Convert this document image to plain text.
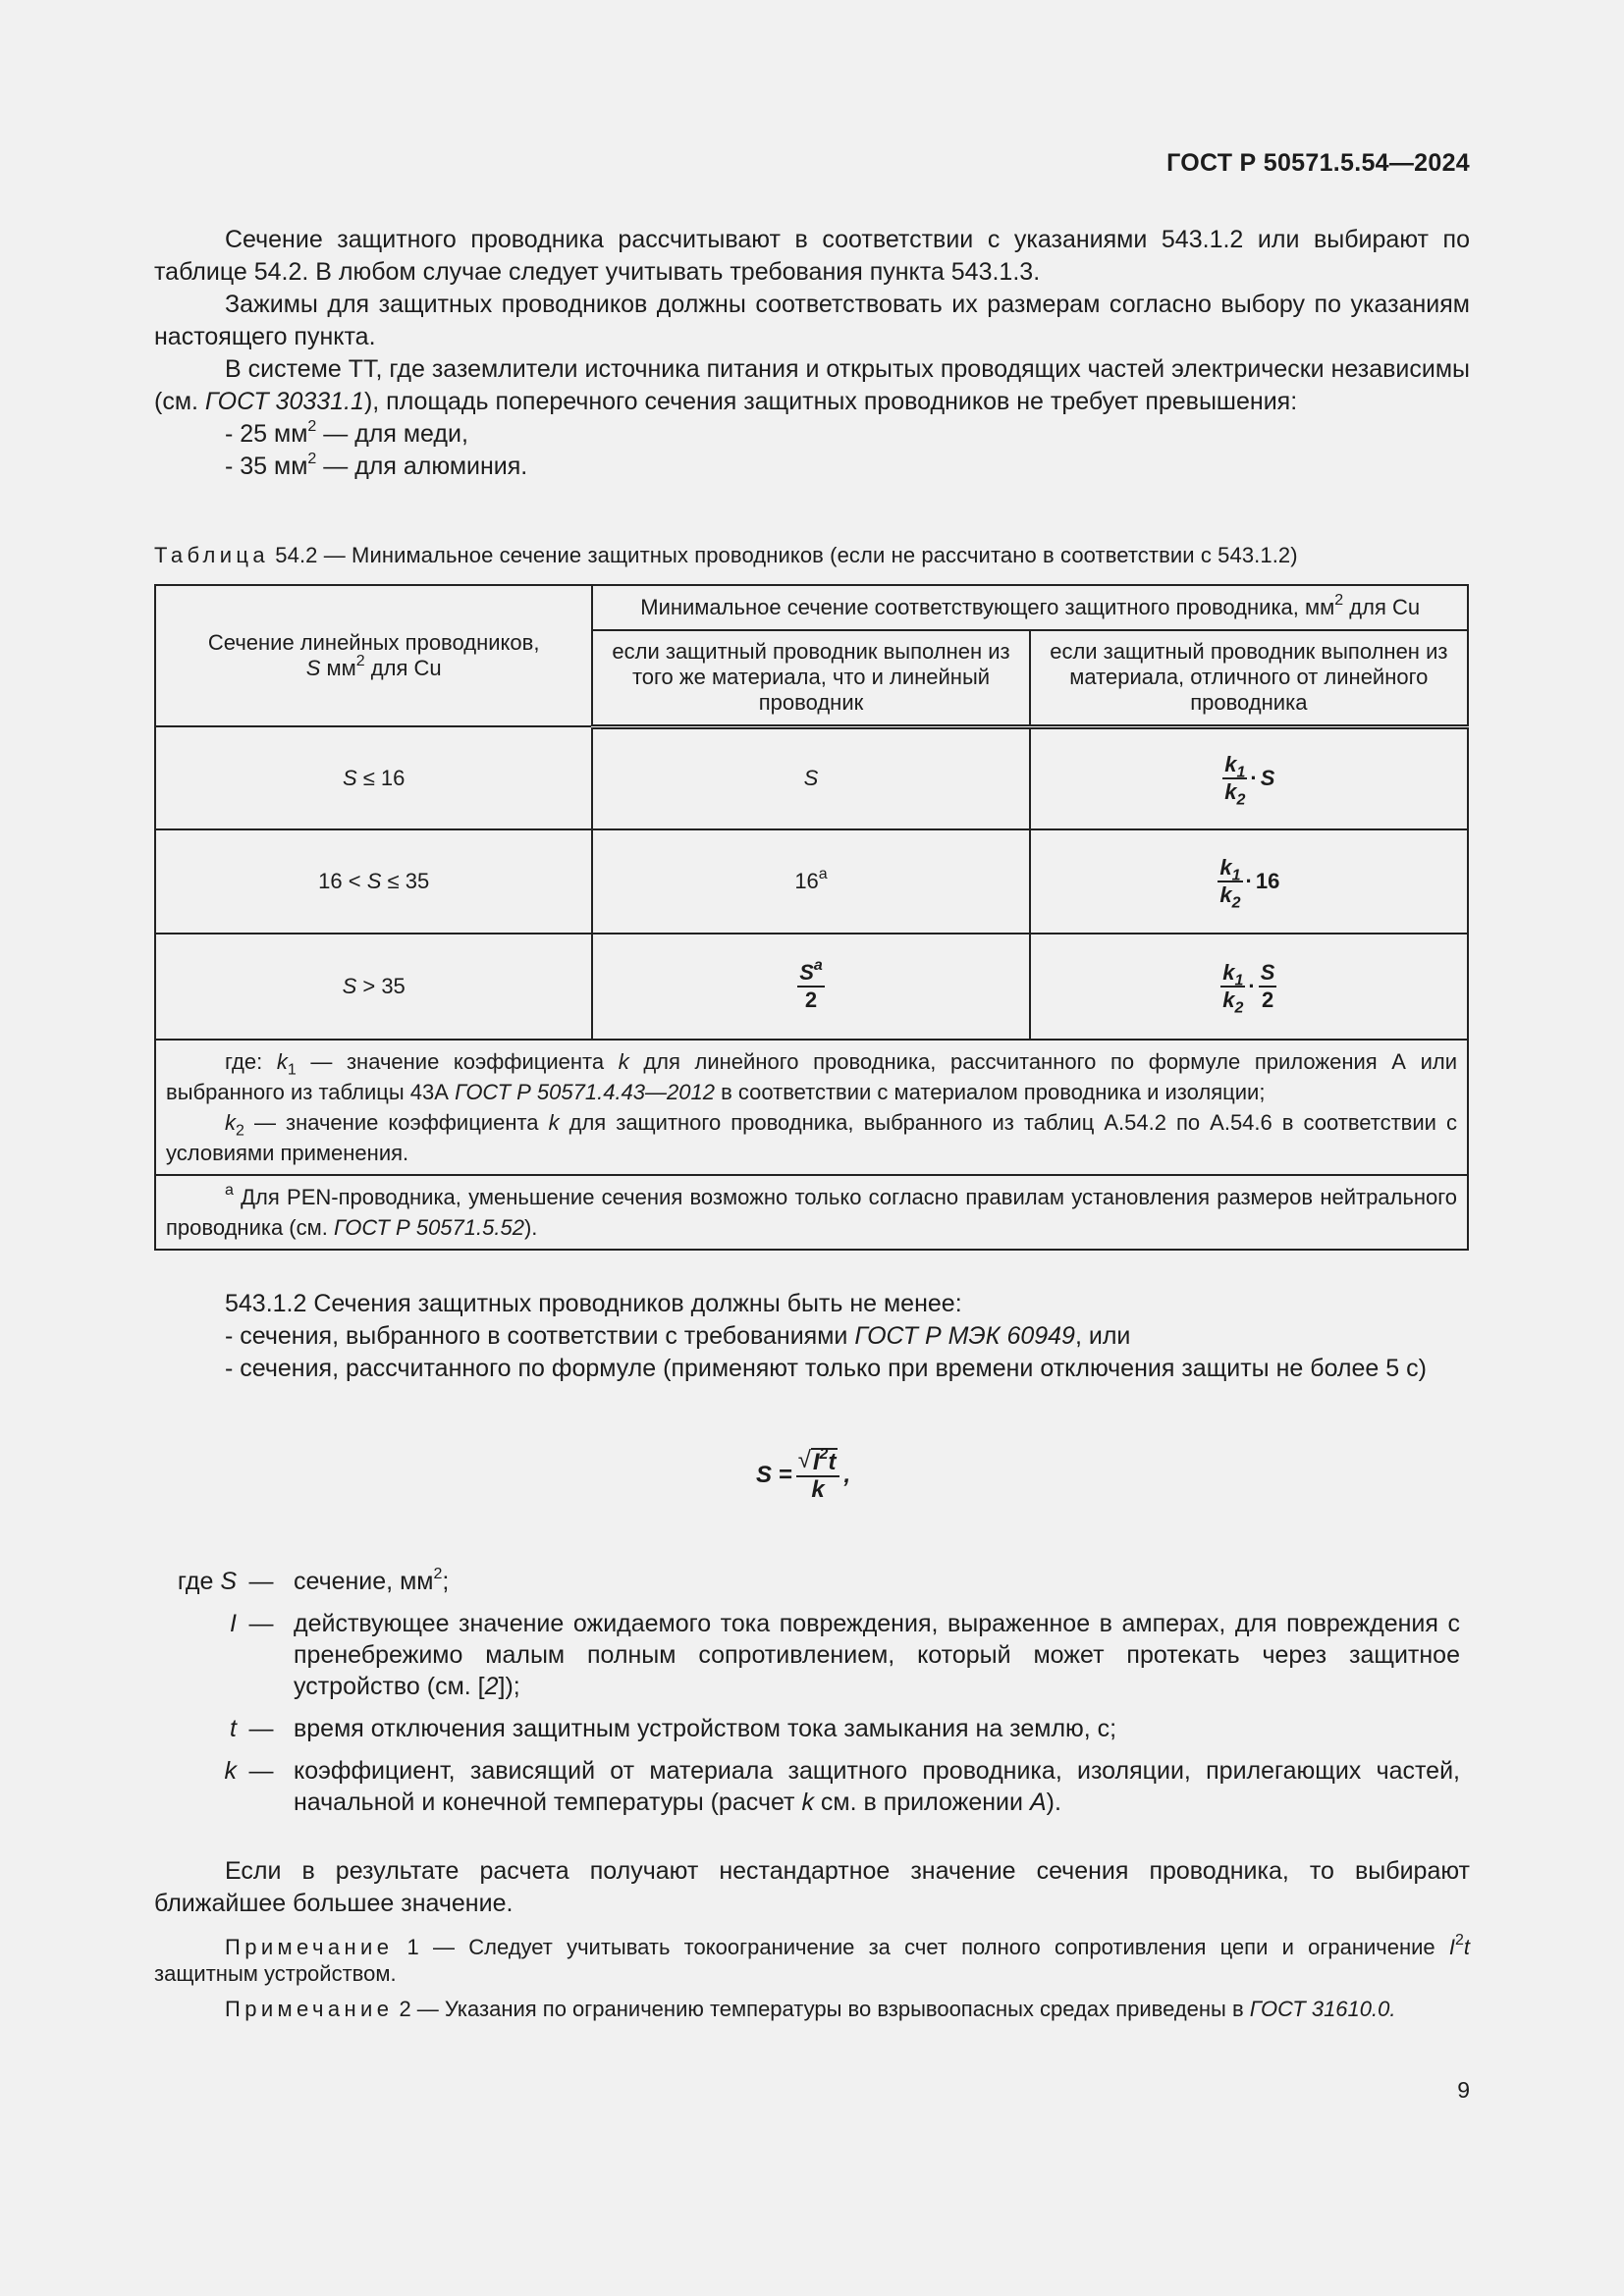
ГОСТ Р 50571.5.54—2024

Сечение защитного проводника рассчитывают в соответствии с указаниями 543.1.2 или выбирают по таблице 54.2. В любом случае следует учитывать требования пункта 543.1.3.

Зажимы для защитных проводников должны соответствовать их размерам согласно выбору по указаниям настоящего пункта.

В системе TT, где заземлители источника питания и открытых проводящих частей электрически независимы (см. ГОСТ 30331.1), площадь поперечного сечения защитных проводников не требует превышения:

- 25 $мм^2$ — для меди,

- 35 $мм^2$ — для алюминия.

Таблица 54.2 — Минимальное сечение защитных проводников (если не рассчитано в соответствии с 543.1.2)
Сечение линейных проводников,
S $мм^2$ для Cu	Минимальное сечение соответствующего защитного проводника, $мм^2$ для Cu	
	если защитный проводник выполнен из того же материала, что и линейный проводник	если защитный проводник выполнен из материала, отличного от линейного проводника
S ≤ 16	S	$\frac{k_1}{k_2} \cdot S$

16 < S ≤ 35	16$^a$	$\frac{k_1}{k_2} \cdot 16$

S > 35	$\frac{S^a}{2}$	$\frac{k_1}{k_2} \cdot \frac{S}{2}$

где: $k_1$ — значение коэффициента k для линейного проводника, рассчитанного по формуле приложения А или выбранного из таблицы 43А ГОСТ Р 50571.4.43—2012 в соответствии с материалом проводника и изоляции;

$k_2$ — значение коэффициента k для защитного проводника, выбранного из таблиц А.54.2 по А.54.6 в соответствии с условиями применения.		

$^a$ Для PEN-проводника, уменьшение сечения возможно только согласно правилам установления размеров нейтрального проводника (см. ГОСТ Р 50571.5.52).		

543.1.2 Сечения защитных проводников должны быть не менее:

- сечения, выбранного в соответствии с требованиями ГОСТ Р МЭК 60949, или

- сечения, рассчитанного по формуле (применяют только при времени отключения защиты не более 5 с)

$S = \frac{√ I^2t}{k}$ ,
где S — сечение, $мм^2$;
I — действующее значение ожидаемого тока повреждения, выраженное в амперах, для повреждения с пренебрежимо малым полным сопротивлением, который может протекать через защитное устройство (см. [2]);
t — время отключения защитным устройством тока замыкания на землю, с;
k — коэффициент, зависящий от материала защитного проводника, изоляции, прилегающих частей, начальной и конечной температуры (расчет k см. в приложении А).

Если в результате расчета получают нестандартное значение сечения проводника, то выбирают ближайшее большее значение.

Примечание 1 — Следует учитывать токоограничение за счет полного сопротивления цепи и ограничение $I^2t$ защитным устройством.

Примечание 2 — Указания по ограничению температуры во взрывоопасных средах приведены в ГОСТ 31610.0.

9
